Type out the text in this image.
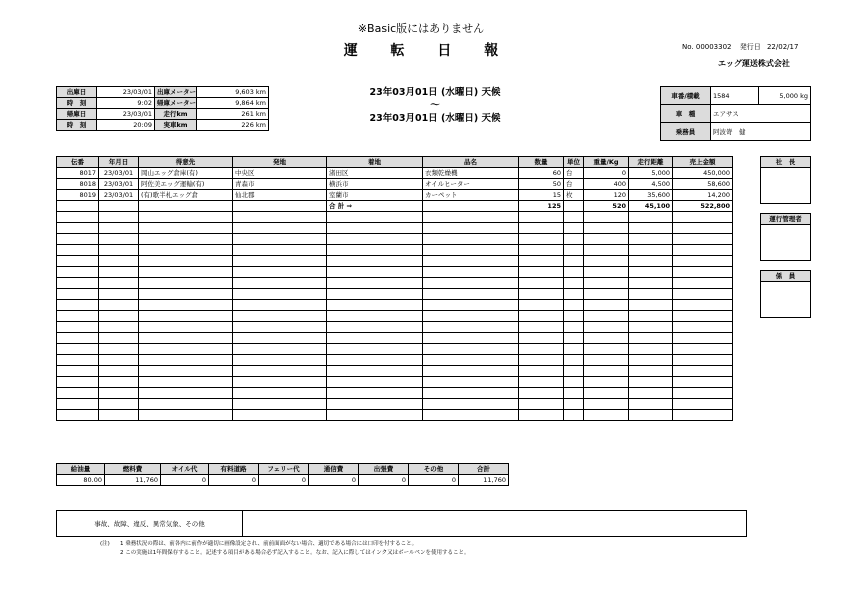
※Basic版にはありません
運 転 日 報	No. 00003302 発行日 22/02/17
エッグ運送株式会社
出庫日	23/03/01	出庫メーター	9,603 km
時　刻	9:02	帰庫メーター	9,864 km
帰庫日	23/03/01	走行km	261 km
時　刻	20:09	実車km	226 km
23年03月01日 (水曜日) 天候
～
23年03月01日 (水曜日) 天候
車番/積載	1584	5,000 kg
車　種	エアサス	
乗務員	阿波嵜　健	
伝番	年月日	得意先	発地	着地	品名	数量	単位	重量/Kg	走行距離	売上金額
8017	23/03/01	岡山エッグ倉庫(有)	中央区	渚田区	衣類乾燥機	60	台	0	5,000	450,000
8018	23/03/01	阿佐美エッグ運輸(有)	青森市	横浜市	オイルヒーター	50	台	400	4,500	58,600
8019	23/03/01	(有)歌半札エッグ倉	仙北郡	室蘭市	カーペット	15	枚	120	35,600	14,200
				合 計 ⇒		125		520	45,100	522,800

社　長

運行管理者

係　員

給油量	燃料費	オイル代	有料道路	フェリー代	通信費	出張費	その他	合計
80.00	11,760	0	0	0	0	0	0	11,760
事故、故障、違反、異常気象、その他	
(注) 1 乗務状況の際は、前各内に前作が適切に画像設定され、前前面面がない場合、適切である場合には口印を付すること。
2 この実施は1年間保存すること。記述する項目がある場合必ず記入すること。なお、記入に際してはインク又はボールペンを使用すること。
